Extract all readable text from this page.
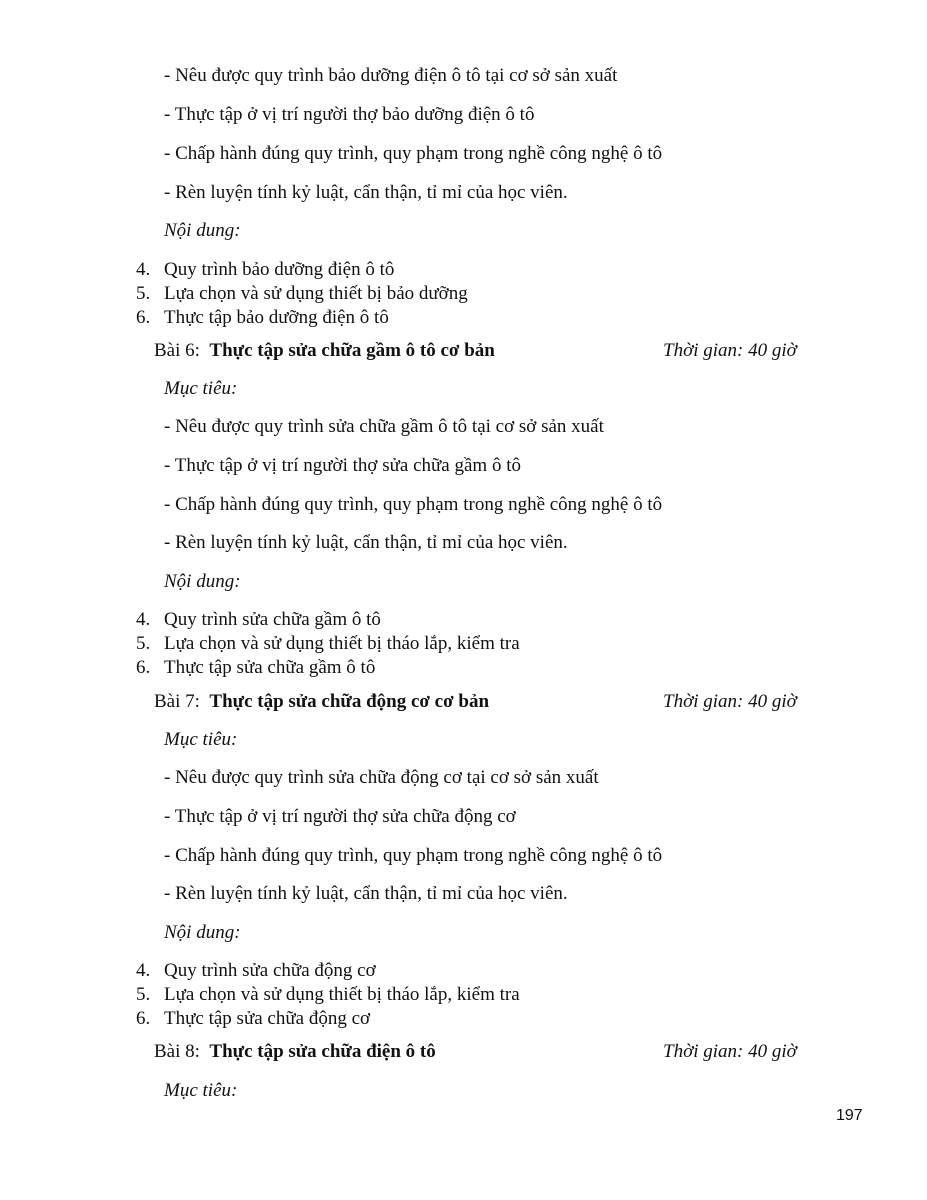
- Nêu được quy trình bảo dưỡng điện ô tô tại cơ sở sản xuất
- Thực tập ở vị trí người thợ bảo dưỡng điện ô tô
- Chấp hành đúng quy trình, quy phạm trong nghề công nghệ ô tô
- Rèn luyện tính kỷ luật, cẩn thận, tỉ mỉ của học viên.
Nội dung:
4. Quy trình bảo dưỡng điện ô tô
5. Lựa chọn và sử dụng thiết bị bảo dưỡng
6. Thực tập bảo dưỡng điện ô tô
Bài 6: Thực tập sửa chữa gầm ô tô cơ bản	Thời gian: 40 giờ
Mục tiêu:
- Nêu được quy trình sửa chữa gầm ô tô tại cơ sở sản xuất
- Thực tập ở vị trí người thợ sửa chữa gầm ô tô
- Chấp hành đúng quy trình, quy phạm trong nghề công nghệ ô tô
- Rèn luyện tính kỷ luật, cẩn thận, tỉ mỉ của học viên.
Nội dung:
4. Quy trình sửa chữa gầm ô tô
5. Lựa chọn và sử dụng thiết bị tháo lắp, kiểm tra
6. Thực tập sửa chữa gầm ô tô
Bài 7: Thực tập sửa chữa động cơ cơ bản	Thời gian: 40 giờ
Mục tiêu:
- Nêu được quy trình sửa chữa động cơ tại cơ sở sản xuất
- Thực tập ở vị trí người thợ sửa chữa động cơ
- Chấp hành đúng quy trình, quy phạm trong nghề công nghệ ô tô
- Rèn luyện tính kỷ luật, cẩn thận, tỉ mỉ của học viên.
Nội dung:
4. Quy trình sửa chữa động cơ
5. Lựa chọn và sử dụng thiết bị tháo lắp, kiểm tra
6. Thực tập sửa chữa động cơ
Bài 8: Thực tập sửa chữa điện ô tô	Thời gian: 40 giờ
Mục tiêu:
197
